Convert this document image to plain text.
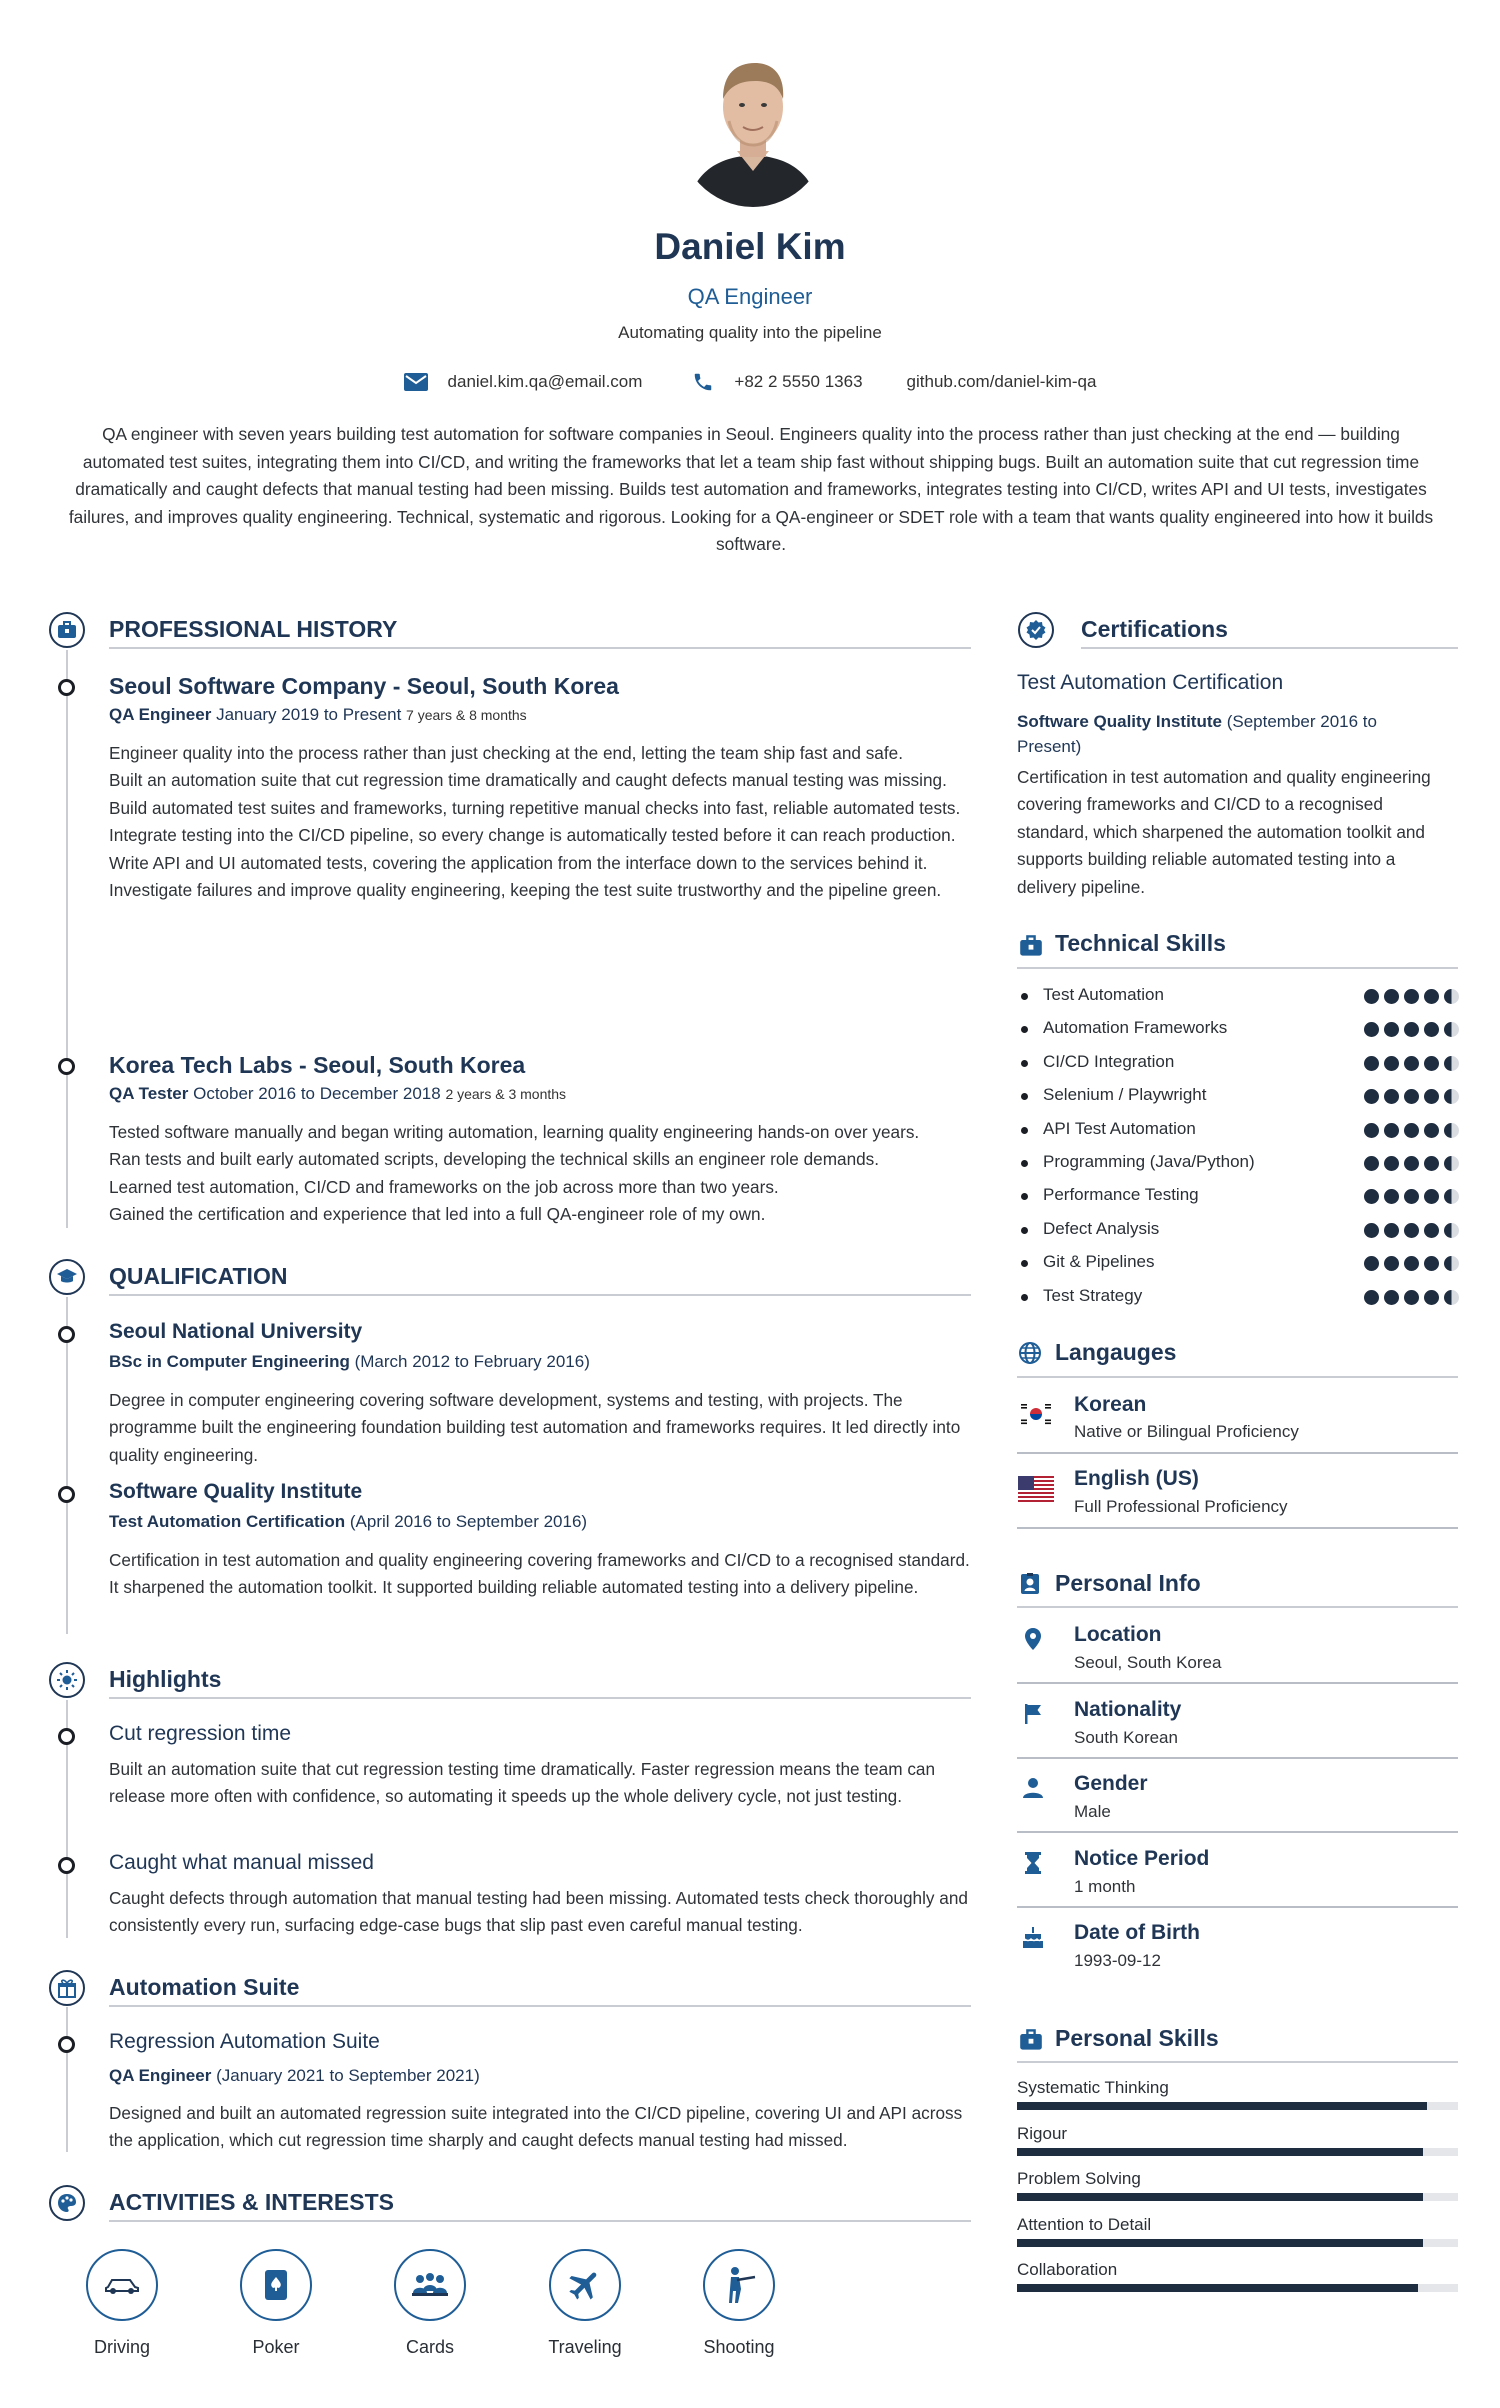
Daniel Kim
QA Engineer
Automating quality into the pipeline
daniel.kim.qa@email.com	+82 2 5550 1363	github.com/daniel-kim-qa
QA engineer with seven years building test automation for software companies in Seoul. Engineers quality into the process rather than just checking at the end — building automated test suites, integrating them into CI/CD, and writing the frameworks that let a team ship fast without shipping bugs. Built an automation suite that cut regression time dramatically and caught defects that manual testing had been missing. Builds test automation and frameworks, integrates testing into CI/CD, writes API and UI tests, investigates failures, and improves quality engineering. Technical, systematic and rigorous. Looking for a QA-engineer or SDET role with a team that wants quality engineered into how it builds software.
PROFESSIONAL HISTORY
Seoul Software Company - Seoul, South Korea
QA Engineer January 2019 to Present 7 years & 8 months
Engineer quality into the process rather than just checking at the end, letting the team ship fast and safe.
Built an automation suite that cut regression time dramatically and caught defects manual testing was missing.
Build automated test suites and frameworks, turning repetitive manual checks into fast, reliable automated tests.
Integrate testing into the CI/CD pipeline, so every change is automatically tested before it can reach production.
Write API and UI automated tests, covering the application from the interface down to the services behind it.
Investigate failures and improve quality engineering, keeping the test suite trustworthy and the pipeline green.
Korea Tech Labs - Seoul, South Korea
QA Tester October 2016 to December 2018 2 years & 3 months
Tested software manually and began writing automation, learning quality engineering hands-on over years.
Ran tests and built early automated scripts, developing the technical skills an engineer role demands.
Learned test automation, CI/CD and frameworks on the job across more than two years.
Gained the certification and experience that led into a full QA-engineer role of my own.
QUALIFICATION
Seoul National University
BSc in Computer Engineering (March 2012 to February 2016)
Degree in computer engineering covering software development, systems and testing, with projects. The programme built the engineering foundation building test automation and frameworks requires. It led directly into quality engineering.
Software Quality Institute
Test Automation Certification (April 2016 to September 2016)
Certification in test automation and quality engineering covering frameworks and CI/CD to a recognised standard. It sharpened the automation toolkit. It supported building reliable automated testing into a delivery pipeline.
Highlights
Cut regression time
Built an automation suite that cut regression testing time dramatically. Faster regression means the team can release more often with confidence, so automating it speeds up the whole delivery cycle, not just testing.
Caught what manual missed
Caught defects through automation that manual testing had been missing. Automated tests check thoroughly and consistently every run, surfacing edge-case bugs that slip past even careful manual testing.
Automation Suite
Regression Automation Suite
QA Engineer (January 2021 to September 2021)
Designed and built an automated regression suite integrated into the CI/CD pipeline, covering UI and API across the application, which cut regression time sharply and caught defects manual testing had missed.
ACTIVITIES & INTERESTS
Driving	Poker	Cards	Traveling	Shooting
Certifications
Test Automation Certification
Software Quality Institute (September 2016 to
Present)
Certification in test automation and quality engineering covering frameworks and CI/CD to a recognised standard, which sharpened the automation toolkit and supports building reliable automated testing into a delivery pipeline.
Technical Skills
Test Automation
Automation Frameworks
CI/CD Integration
Selenium / Playwright
API Test Automation
Programming (Java/Python)
Performance Testing
Defect Analysis
Git & Pipelines
Test Strategy
Langauges
Korean
Native or Bilingual Proficiency
English (US)
Full Professional Proficiency
Personal Info
Location
Seoul, South Korea
Nationality
South Korean
Gender
Male
Notice Period
1 month
Date of Birth
1993-09-12
Personal Skills
Systematic Thinking
Rigour
Problem Solving
Attention to Detail
Collaboration
